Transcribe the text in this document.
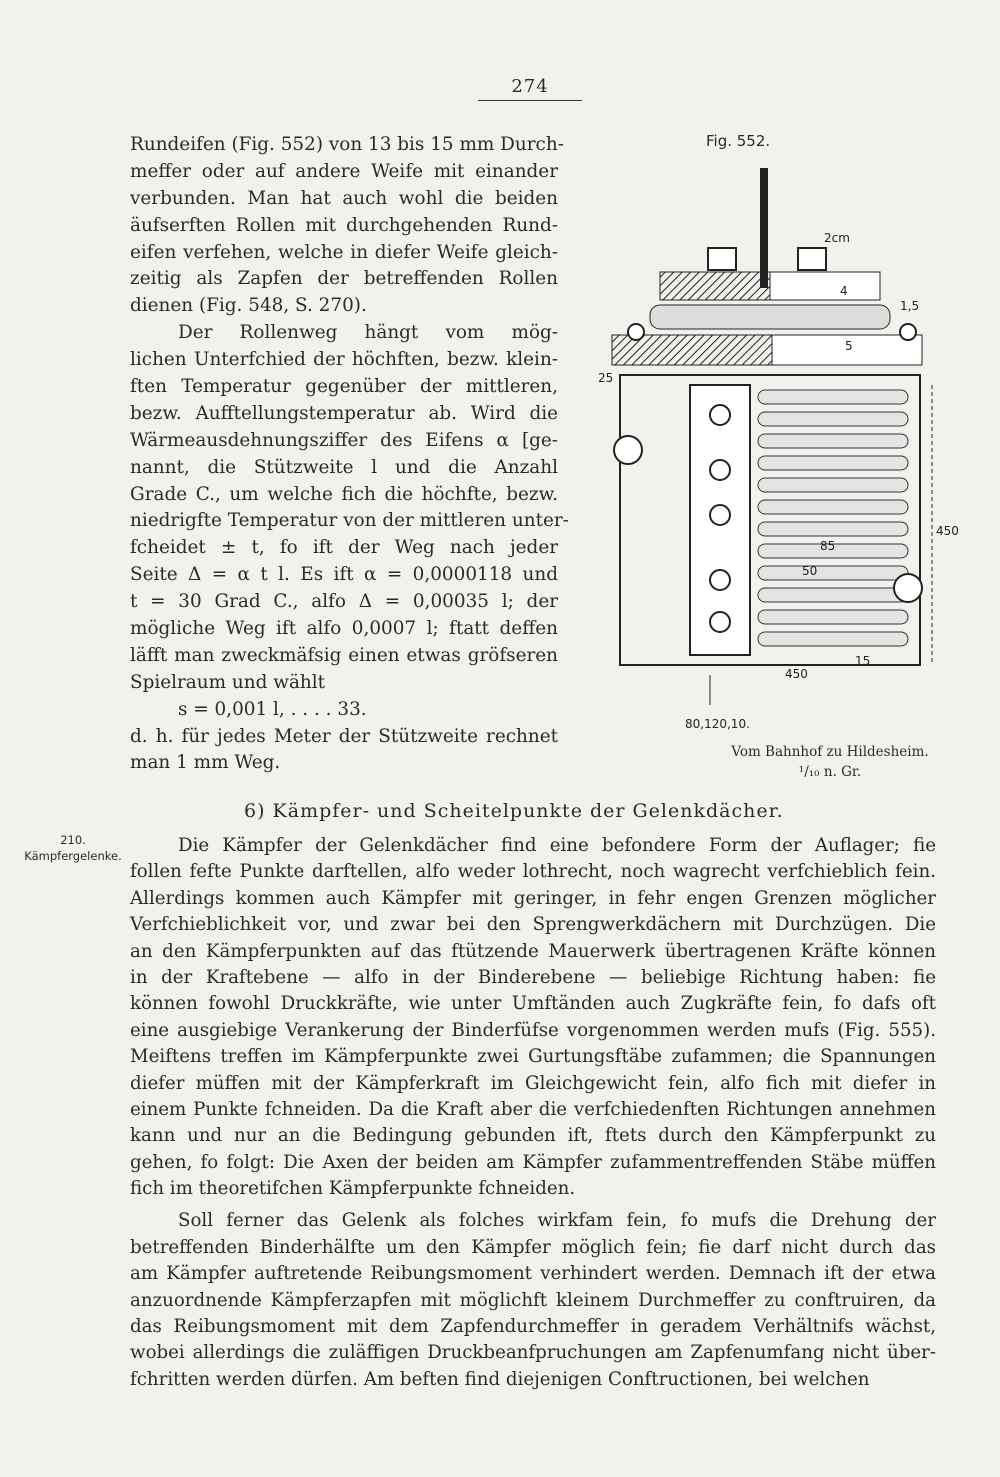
274
Rundeifen (Fig. 552) von 13 bis 15 mm Durch-
meffer oder auf andere Weife mit einander
verbunden. Man hat auch wohl die beiden
äufserften Rollen mit durchgehenden Rund-
eifen verfehen, welche in diefer Weife gleich-
zeitig als Zapfen der betreffenden Rollen
dienen (Fig. 548, S. 270).
Der Rollenweg hängt vom mög-
lichen Unterfchied der höchften, bezw. klein-
ften Temperatur gegenüber der mittleren,
bezw. Aufftellungstemperatur ab. Wird die
Wärmeausdehnungsziffer des Eifens α [ge-
nannt, die Stützweite l und die Anzahl
Grade C., um welche fich die höchfte, bezw.
niedrigfte Temperatur von der mittleren unter-
fcheidet ± t, fo ift der Weg nach jeder
Seite Δ = α t l. Es ift α = 0,0000118 und
t = 30 Grad C., alfo Δ = 0,00035 l; der
mögliche Weg ift alfo 0,0007 l; ftatt deffen
läfft man zweckmäfsig einen etwas gröfseren
Spielraum und wählt
s = 0,001 l, . . . . 33.
d. h. für jedes Meter der Stützweite rechnet
man 1 mm Weg.
Fig. 552.
2cm
4
1,5
5
25
450
85
50
450
15
80,120,10.
Vom Bahnhof zu Hildesheim.
¹/₁₀ n. Gr.
6) Kämpfer- und Scheitelpunkte der Gelenkdächer.
210.
Kämpfergelenke.	Die Kämpfer der Gelenkdächer find eine befondere Form der Auflager; fie
follen fefte Punkte darftellen, alfo weder lothrecht, noch wagrecht verfchieblich fein.
Allerdings kommen auch Kämpfer mit geringer, in fehr engen Grenzen möglicher
Verfchieblichkeit vor, und zwar bei den Sprengwerkdächern mit Durchzügen. Die
an den Kämpferpunkten auf das ftützende Mauerwerk übertragenen Kräfte können
in der Kraftebene — alfo in der Binderebene — beliebige Richtung haben: fie
können fowohl Druckkräfte, wie unter Umftänden auch Zugkräfte fein, fo dafs oft
eine ausgiebige Verankerung der Binderfüfse vorgenommen werden mufs (Fig. 555).
Meiftens treffen im Kämpferpunkte zwei Gurtungsftäbe zufammen; die Spannungen
diefer müffen mit der Kämpferkraft im Gleichgewicht fein, alfo fich mit diefer in
einem Punkte fchneiden. Da die Kraft aber die verfchiedenften Richtungen annehmen
kann und nur an die Bedingung gebunden ift, ftets durch den Kämpferpunkt zu
gehen, fo folgt: Die Axen der beiden am Kämpfer zufammentreffenden Stäbe müffen
fich im theoretifchen Kämpferpunkte fchneiden.
Soll ferner das Gelenk als folches wirkfam fein, fo mufs die Drehung der
betreffenden Binderhälfte um den Kämpfer möglich fein; fie darf nicht durch das
am Kämpfer auftretende Reibungsmoment verhindert werden. Demnach ift der etwa
anzuordnende Kämpferzapfen mit möglichft kleinem Durchmeffer zu conftruiren, da
das Reibungsmoment mit dem Zapfendurchmeffer in geradem Verhältnifs wächst,
wobei allerdings die zuläffigen Druckbeanfpruchungen am Zapfenumfang nicht über-
fchritten werden dürfen. Am beften find diejenigen Conftructionen, bei welchen
